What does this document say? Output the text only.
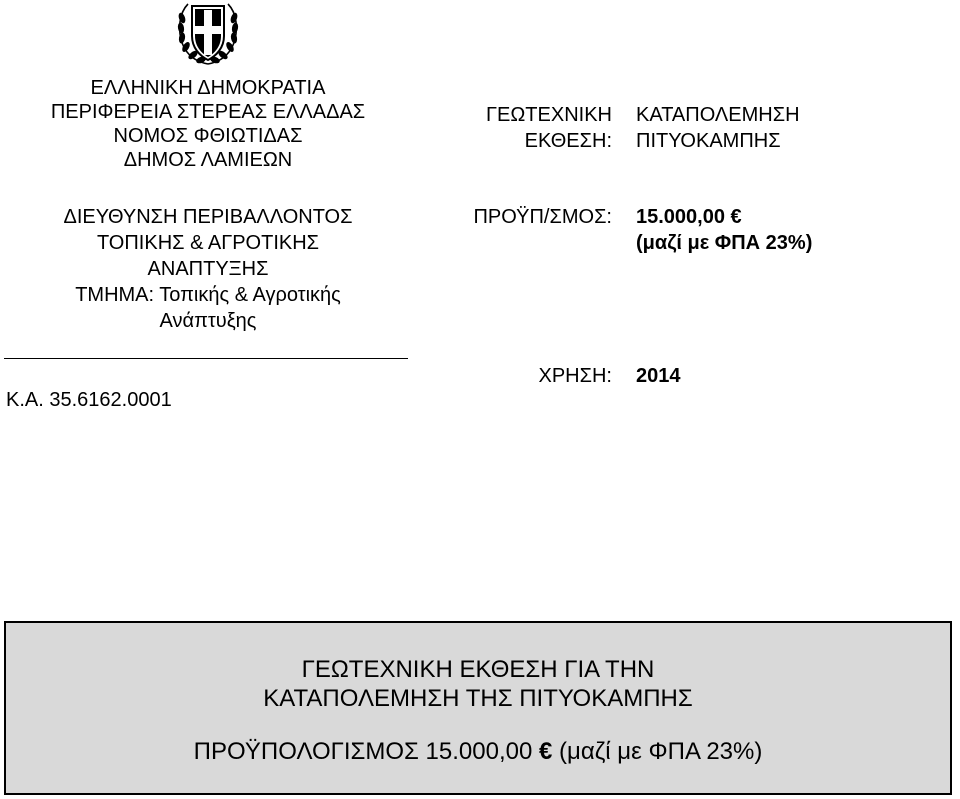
ΕΛΛΗΝΙΚΗ ΔΗΜΟΚΡΑΤΙΑ
ΠΕΡΙΦΕΡΕΙΑ ΣΤΕΡΕΑΣ ΕΛΛΑΔΑΣ
ΝΟΜΟΣ ΦΘΙΩΤΙΔΑΣ
ΔΗΜΟΣ ΛΑΜΙΕΩΝ
ΔΙΕΥΘΥΝΣΗ ΠΕΡΙΒΑΛΛΟΝΤΟΣ
ΤΟΠΙΚΗΣ & ΑΓΡΟΤΙΚΗΣ
ΑΝΑΠΤΥΞΗΣ
ΤΜΗΜΑ: Τοπικής & Αγροτικής
Ανάπτυξης
Κ.Α. 35.6162.0001
ΓΕΩΤΕΧΝΙΚΗ ΚΑΤΑΠΟΛΕΜΗΣΗ
ΕΚΘΕΣΗ: ΠΙΤΥΟΚΑΜΠΗΣ
ΠΡΟΫΠ/ΣΜΟΣ: 15.000,00 €
(μαζί με ΦΠΑ 23%)
ΧΡΗΣΗ: 2014
ΓΕΩΤΕΧΝΙΚΗ ΕΚΘΕΣΗ ΓΙΑ ΤΗΝ
ΚΑΤΑΠΟΛΕΜΗΣΗ ΤΗΣ ΠΙΤΥΟΚΑΜΠΗΣ
ΠΡΟΫΠΟΛΟΓΙΣΜΟΣ 15.000,00 € (μαζί με ΦΠΑ 23%)
